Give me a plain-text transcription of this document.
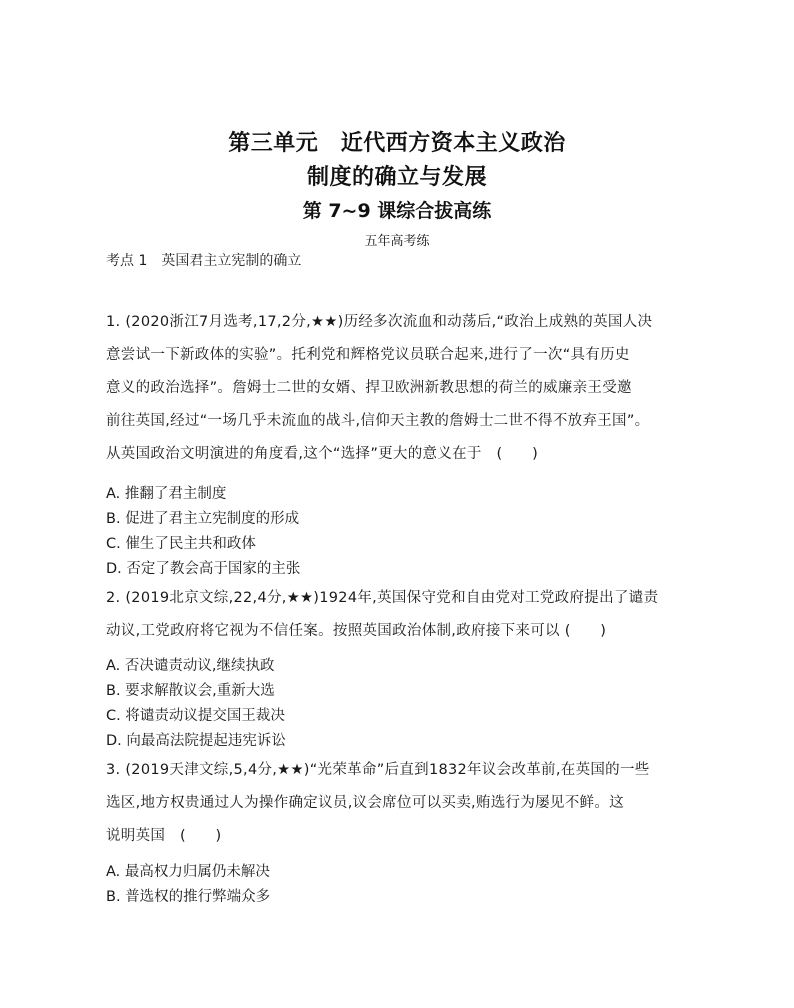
第三单元　近代西方资本主义政治
制度的确立与发展
第 7~9 课综合拔高练
五年高考练
考点 1 英国君主立宪制的确立
1. (2020浙江7月选考,17,2分,★★)历经多次流血和动荡后,“政治上成熟的英国人决
意尝试一下新政体的实验”。托利党和辉格党议员联合起来,进行了一次“具有历史
意义的政治选择”。詹姆士二世的女婿、捍卫欧洲新教思想的荷兰的威廉亲王受邀
前往英国,经过“一场几乎未流血的战斗,信仰天主教的詹姆士二世不得不放弃王国”。
从英国政治文明演进的角度看,这个“选择”更大的意义在于　(　　)
A. 推翻了君主制度
B. 促进了君主立宪制度的形成
C. 催生了民主共和政体
D. 否定了教会高于国家的主张
2. (2019北京文综,22,4分,★★)1924年,英国保守党和自由党对工党政府提出了谴责
动议,工党政府将它视为不信任案。按照英国政治体制,政府接下来可以 (　　)
A. 否决谴责动议,继续执政
B. 要求解散议会,重新大选
C. 将谴责动议提交国王裁决
D. 向最高法院提起违宪诉讼
3. (2019天津文综,5,4分,★★)“光荣革命”后直到1832年议会改革前,在英国的一些
选区,地方权贵通过人为操作确定议员,议会席位可以买卖,贿选行为屡见不鲜。这
说明英国　(　　)
A. 最高权力归属仍未解决
B. 普选权的推行弊端众多
